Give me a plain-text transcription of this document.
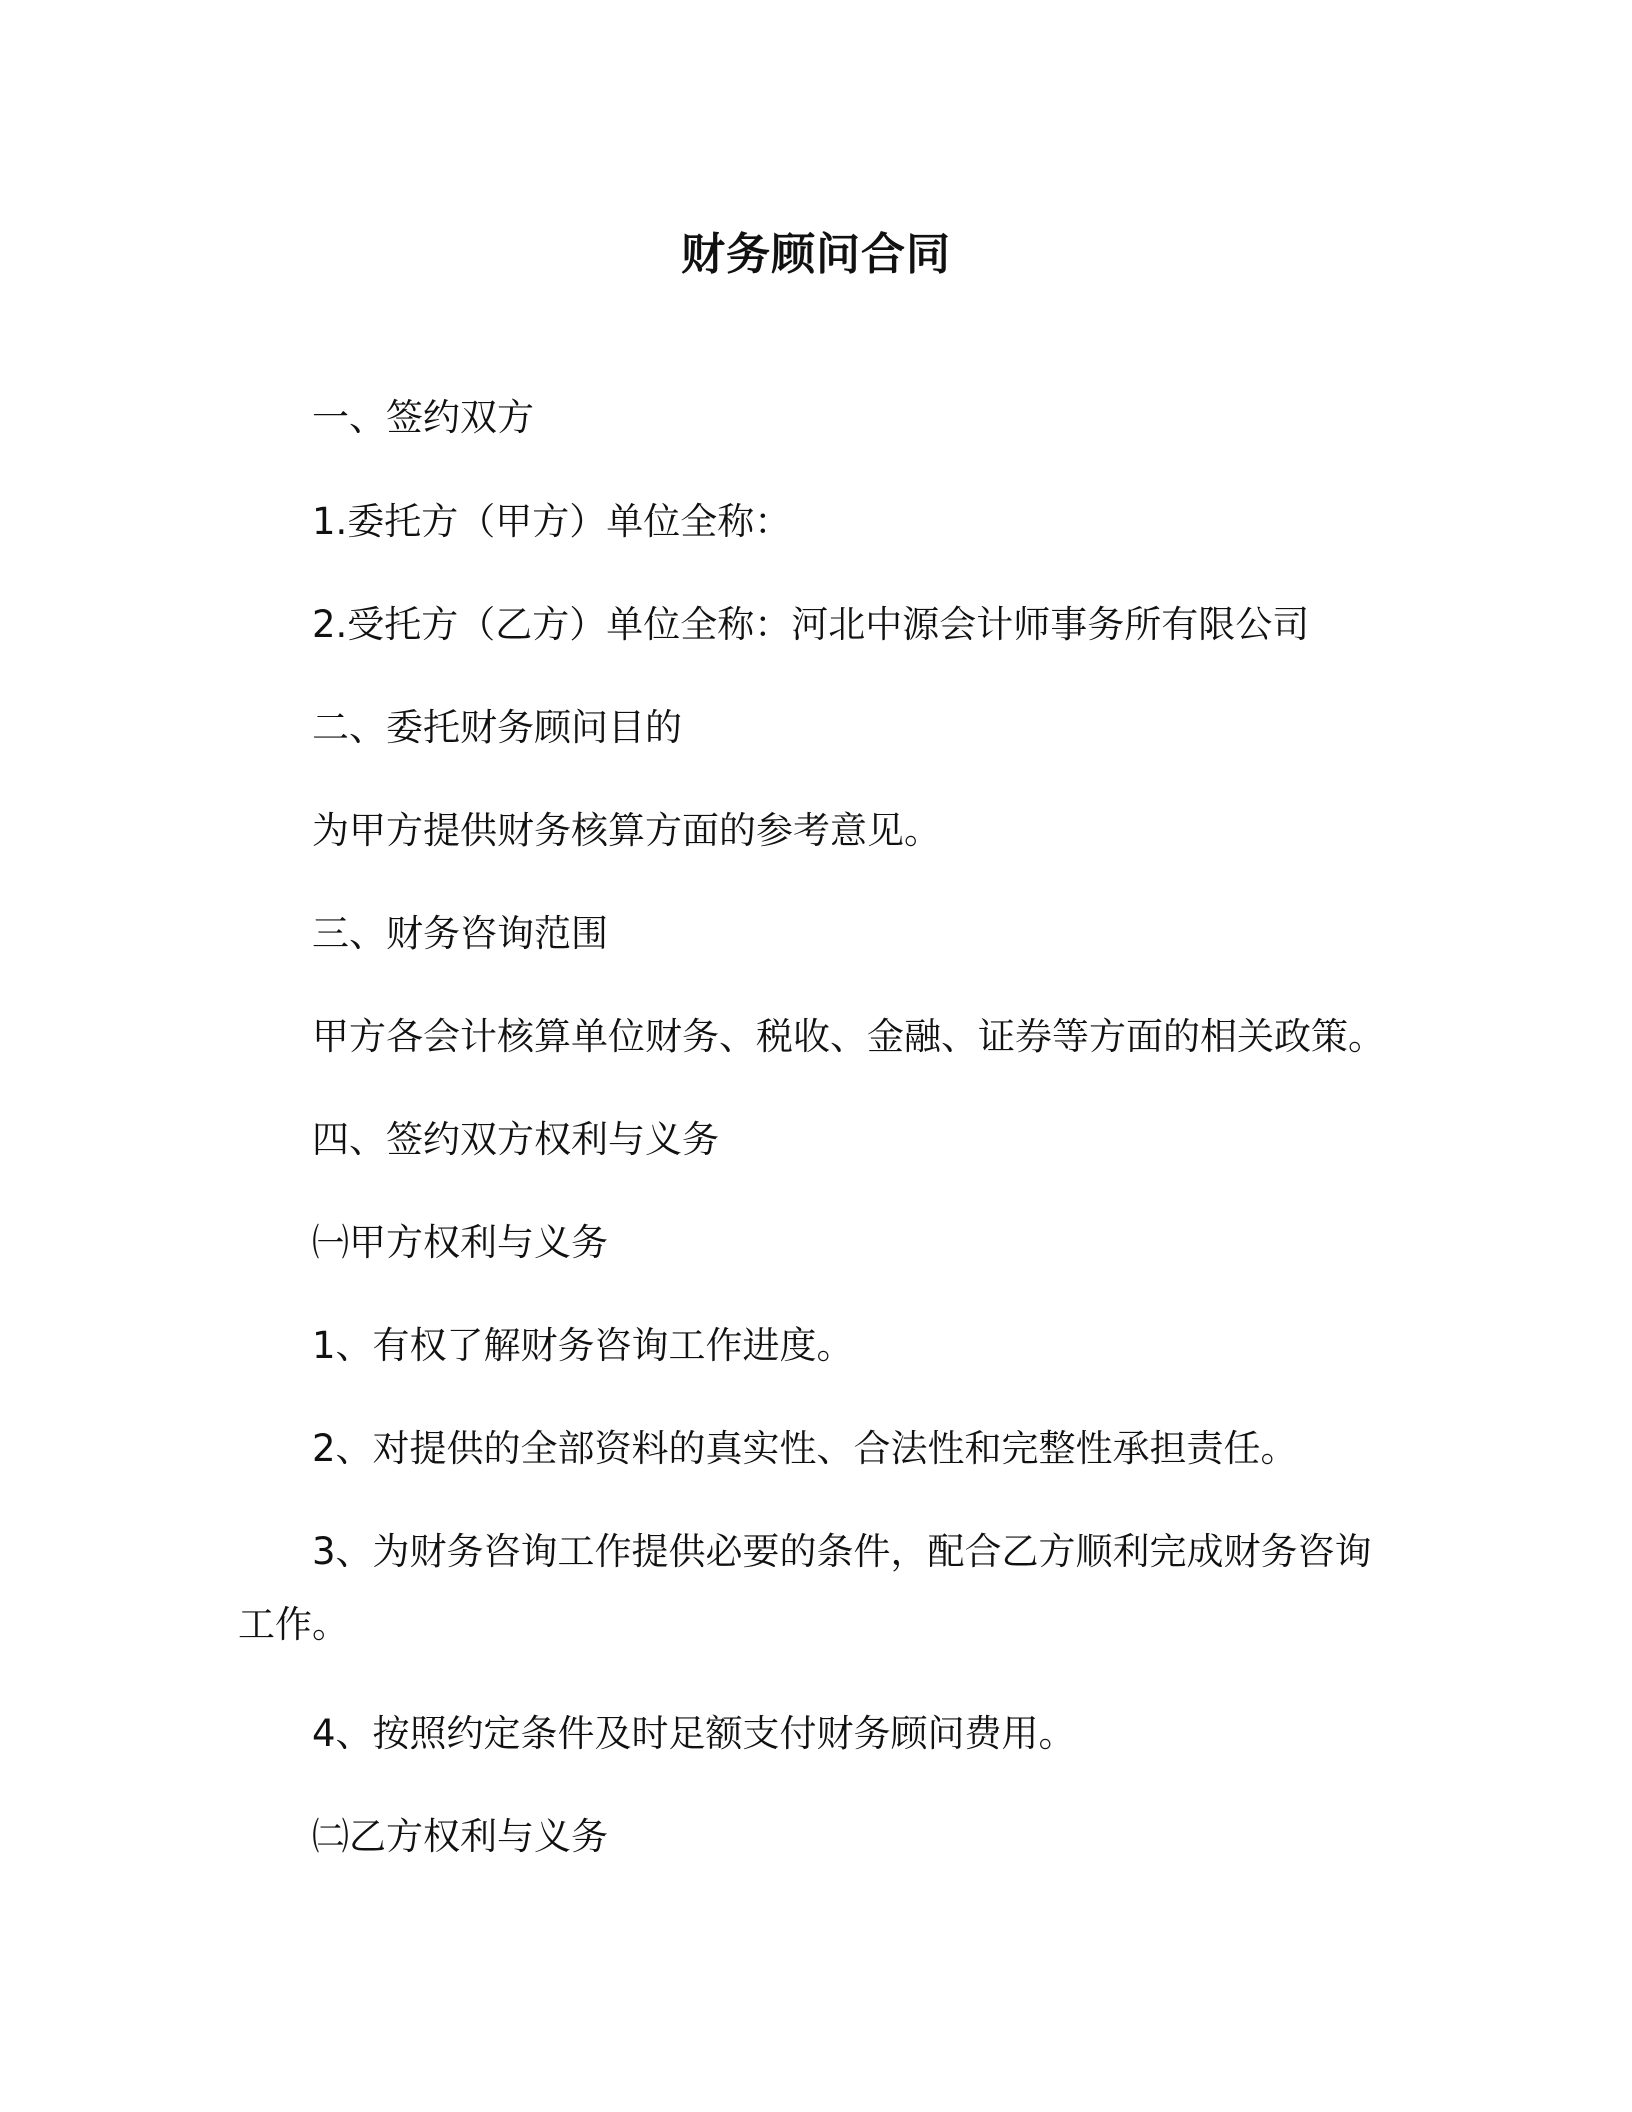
财务顾问合同
一、签约双方
1.委托方（甲方）单位全称：
2.受托方（乙方）单位全称：河北中源会计师事务所有限公司
二、委托财务顾问目的
为甲方提供财务核算方面的参考意见。
三、财务咨询范围
甲方各会计核算单位财务、税收、金融、证券等方面的相关政策。
四、签约双方权利与义务
㈠甲方权利与义务
1、有权了解财务咨询工作进度。
2、对提供的全部资料的真实性、合法性和完整性承担责任。
3、为财务咨询工作提供必要的条件，配合乙方顺利完成财务咨询
工作。
4、按照约定条件及时足额支付财务顾问费用。
㈡乙方权利与义务
